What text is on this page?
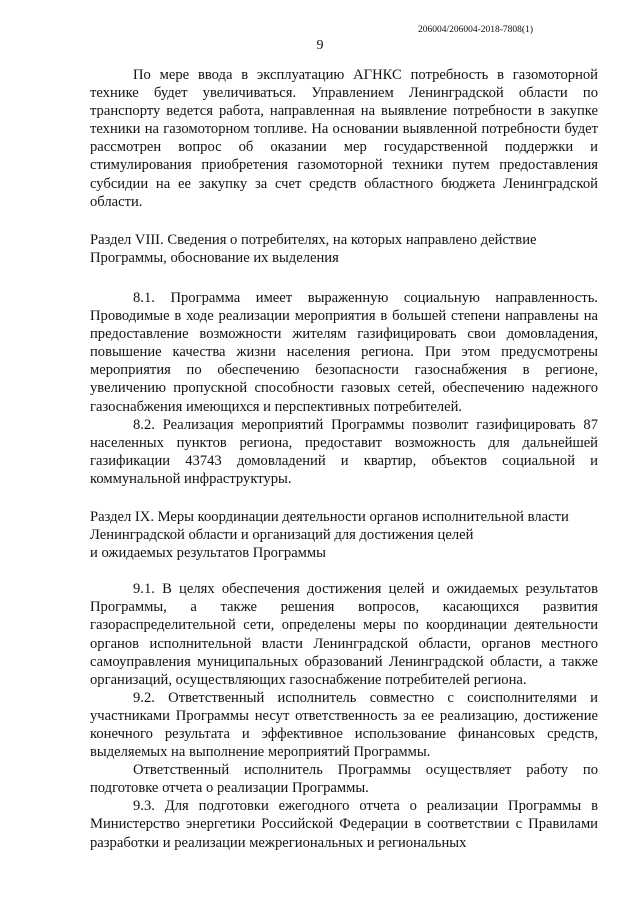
206004/206004-2018-7808(1)
9

По мере ввода в эксплуатацию АГНКС потребность в газомоторной технике будет увеличиваться. Управлением Ленинградской области по транспорту ведется работа, направленная на выявление потребности в закупке техники на газомоторном топливе. На основании выявленной потребности будет рассмотрен вопрос об оказании мер государственной поддержки и стимулирования приобретения газомоторной техники путем предоставления субсидии на ее закупку за счет средств областного бюджета Ленинградской области.

Раздел VIII. Сведения о потребителях, на которых направлено действие
Программы, обоснование их выделения

8.1. Программа имеет выраженную социальную направленность. Проводимые в ходе реализации мероприятия в большей степени направлены на предоставление возможности жителям газифицировать свои домовладения, повышение качества жизни населения региона. При этом предусмотрены мероприятия по обеспечению безопасности газоснабжения в регионе, увеличению пропускной способности газовых сетей, обеспечению надежного газоснабжения имеющихся и перспективных потребителей.

8.2. Реализация мероприятий Программы позволит газифицировать 87 населенных пунктов региона, предоставит возможность для дальнейшей газификации 43743 домовладений и квартир, объектов социальной и коммунальной инфраструктуры.

Раздел IX. Меры координации деятельности органов исполнительной власти
Ленинградской области и организаций для достижения целей
и ожидаемых результатов Программы

9.1. В целях обеспечения достижения целей и ожидаемых результатов Программы, а также решения вопросов, касающихся развития газораспределительной сети, определены меры по координации деятельности органов исполнительной власти Ленинградской области, органов местного самоуправления муниципальных образований Ленинградской области, а также организаций, осуществляющих газоснабжение потребителей региона.

9.2. Ответственный исполнитель совместно с соисполнителями и участниками Программы несут ответственность за ее реализацию, достижение конечного результата и эффективное использование финансовых средств, выделяемых на выполнение мероприятий Программы.

Ответственный исполнитель Программы осуществляет работу по подготовке отчета о реализации Программы.

9.3. Для подготовки ежегодного отчета о реализации Программы в Министерство энергетики Российской Федерации в соответствии с Правилами разработки и реализации межрегиональных и региональных
